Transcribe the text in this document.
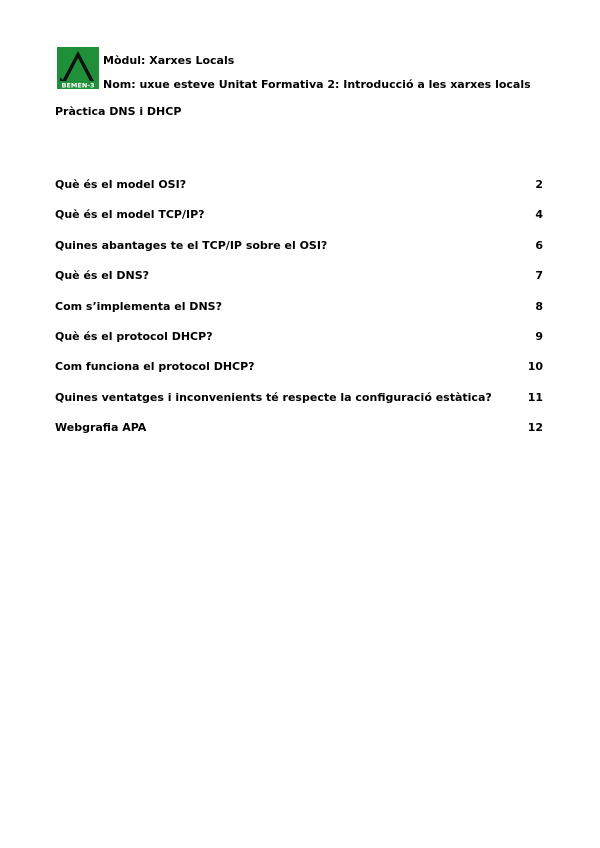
BEMEN-3
Mòdul: Xarxes Locals
Nom: uxue esteve Unitat Formativa 2: Introducció a les xarxes locals
Pràctica DNS i DHCP
Què és el model OSI?	2
Què és el model TCP/IP?	4
Quines abantages te el TCP/IP sobre el OSI?	6
Què és el DNS?	7
Com s’implementa el DNS?	8
Què és el protocol DHCP?	9
Com funciona el protocol DHCP?	10
Quines ventatges i inconvenients té respecte la configuració estàtica?	11
Webgrafia APA	12
